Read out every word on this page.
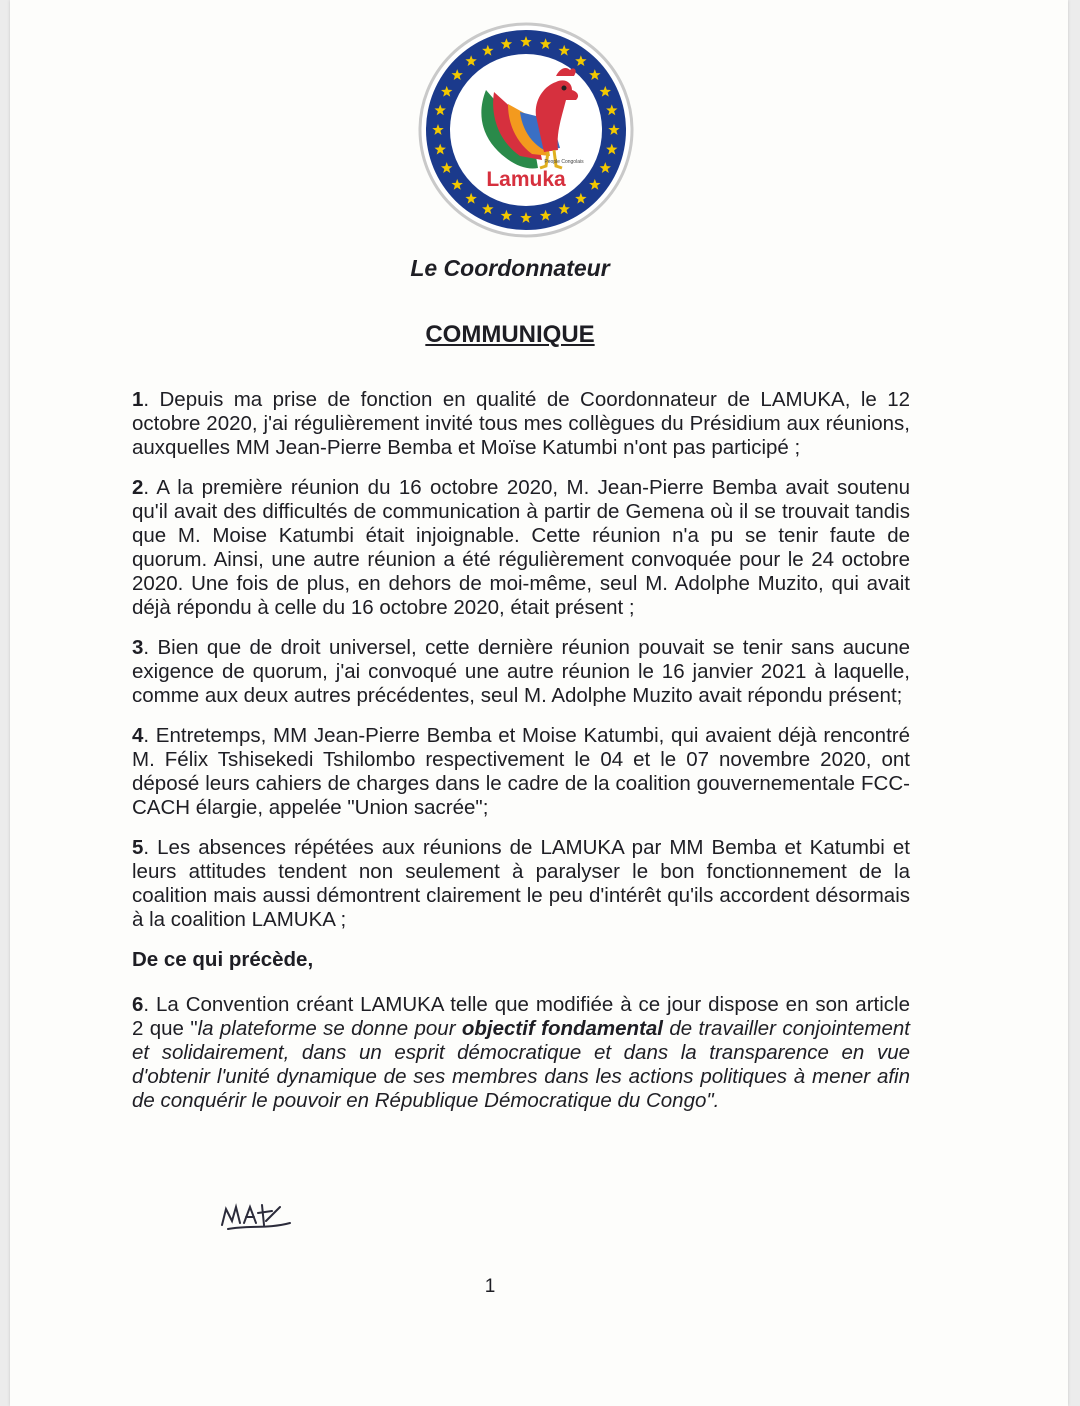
People Congolais
Lamuka
Le Coordonnateur
COMMUNIQUE

1. Depuis ma prise de fonction en qualité de Coordonnateur de LAMUKA, le 12 octobre 2020, j'ai régulièrement invité tous mes collègues du Présidium aux réunions, auxquelles MM Jean-Pierre Bemba et Moïse Katumbi n'ont pas participé ;

2. A la première réunion du 16 octobre 2020, M. Jean-Pierre Bemba avait soutenu qu'il avait des difficultés de communication à partir de Gemena où il se trouvait tandis que M. Moise Katumbi était injoignable. Cette réunion n'a pu se tenir faute de quorum. Ainsi, une autre réunion a été régulièrement convoquée pour le 24 octobre 2020. Une fois de plus, en dehors de moi-même, seul M. Adolphe Muzito, qui avait déjà répondu à celle du 16 octobre 2020, était présent ;

3. Bien que de droit universel, cette dernière réunion pouvait se tenir sans aucune exigence de quorum, j'ai convoqué une autre réunion le 16 janvier 2021 à laquelle, comme aux deux autres précédentes, seul M. Adolphe Muzito avait répondu présent;

4. Entretemps, MM Jean-Pierre Bemba et Moise Katumbi, qui avaient déjà rencontré M. Félix Tshisekedi Tshilombo respectivement le 04 et le 07 novembre 2020, ont déposé leurs cahiers de charges dans le cadre de la coalition gouvernementale FCC-CACH élargie, appelée "Union sacrée";

5. Les absences répétées aux réunions de LAMUKA par MM Bemba et Katumbi et leurs attitudes tendent non seulement à paralyser le bon fonctionnement de la coalition mais aussi démontrent clairement le peu d'intérêt qu'ils accordent désormais à la coalition LAMUKA ;

De ce qui précède,

6. La Convention créant LAMUKA telle que modifiée à ce jour dispose en son article 2 que "la plateforme se donne pour objectif fondamental de travailler conjointement et solidairement, dans un esprit démocratique et dans la transparence en vue d'obtenir l'unité dynamique de ses membres dans les actions politiques à mener afin de conquérir le pouvoir en République Démocratique du Congo".

1
